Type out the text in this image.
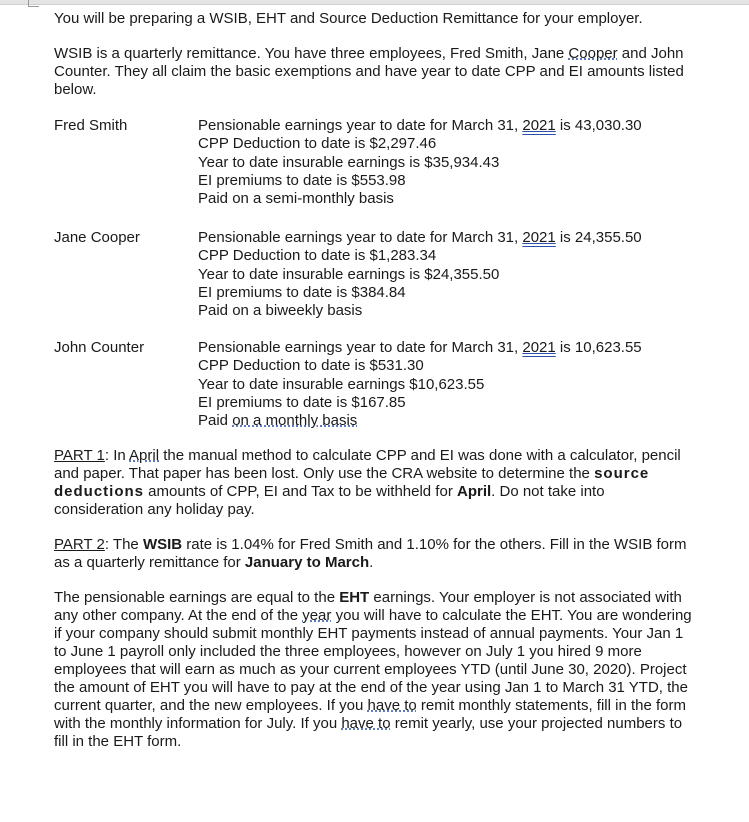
You will be preparing a WSIB, EHT and Source Deduction Remittance for your employer.

WSIB is a quarterly remittance. You have three employees, Fred Smith, Jane Cooper and John Counter. They all claim the basic exemptions and have year to date CPP and EI amounts listed below.

Fred Smith	Pensionable earnings year to date for March 31, 2021 is 43,030.30
CPP Deduction to date is $2,297.46
Year to date insurable earnings is $35,934.43
EI premiums to date is $553.98
Paid on a semi-monthly basis
Jane Cooper	Pensionable earnings year to date for March 31, 2021 is 24,355.50
CPP Deduction to date is $1,283.34
Year to date insurable earnings is $24,355.50
EI premiums to date is $384.84
Paid on a biweekly basis
John Counter	Pensionable earnings year to date for March 31, 2021 is 10,623.55
CPP Deduction to date is $531.30
Year to date insurable earnings $10,623.55
EI premiums to date is $167.85
Paid on a monthly basis

PART 1: In April the manual method to calculate CPP and EI was done with a calculator, pencil and paper. That paper has been lost. Only use the CRA website to determine the source deductions amounts of CPP, EI and Tax to be withheld for April. Do not take into consideration any holiday pay.

PART 2: The WSIB rate is 1.04% for Fred Smith and 1.10% for the others. Fill in the WSIB form as a quarterly remittance for January to March.

The pensionable earnings are equal to the EHT earnings. Your employer is not associated with any other company. At the end of the year you will have to calculate the EHT. You are wondering if your company should submit monthly EHT payments instead of annual payments. Your Jan 1 to June 1 payroll only included the three employees, however on July 1 you hired 9 more employees that will earn as much as your current employees YTD (until June 30, 2020). Project the amount of EHT you will have to pay at the end of the year using Jan 1 to March 31 YTD, the current quarter, and the new employees. If you have to remit monthly statements, fill in the form with the monthly information for July. If you have to remit yearly, use your projected numbers to fill in the EHT form.
